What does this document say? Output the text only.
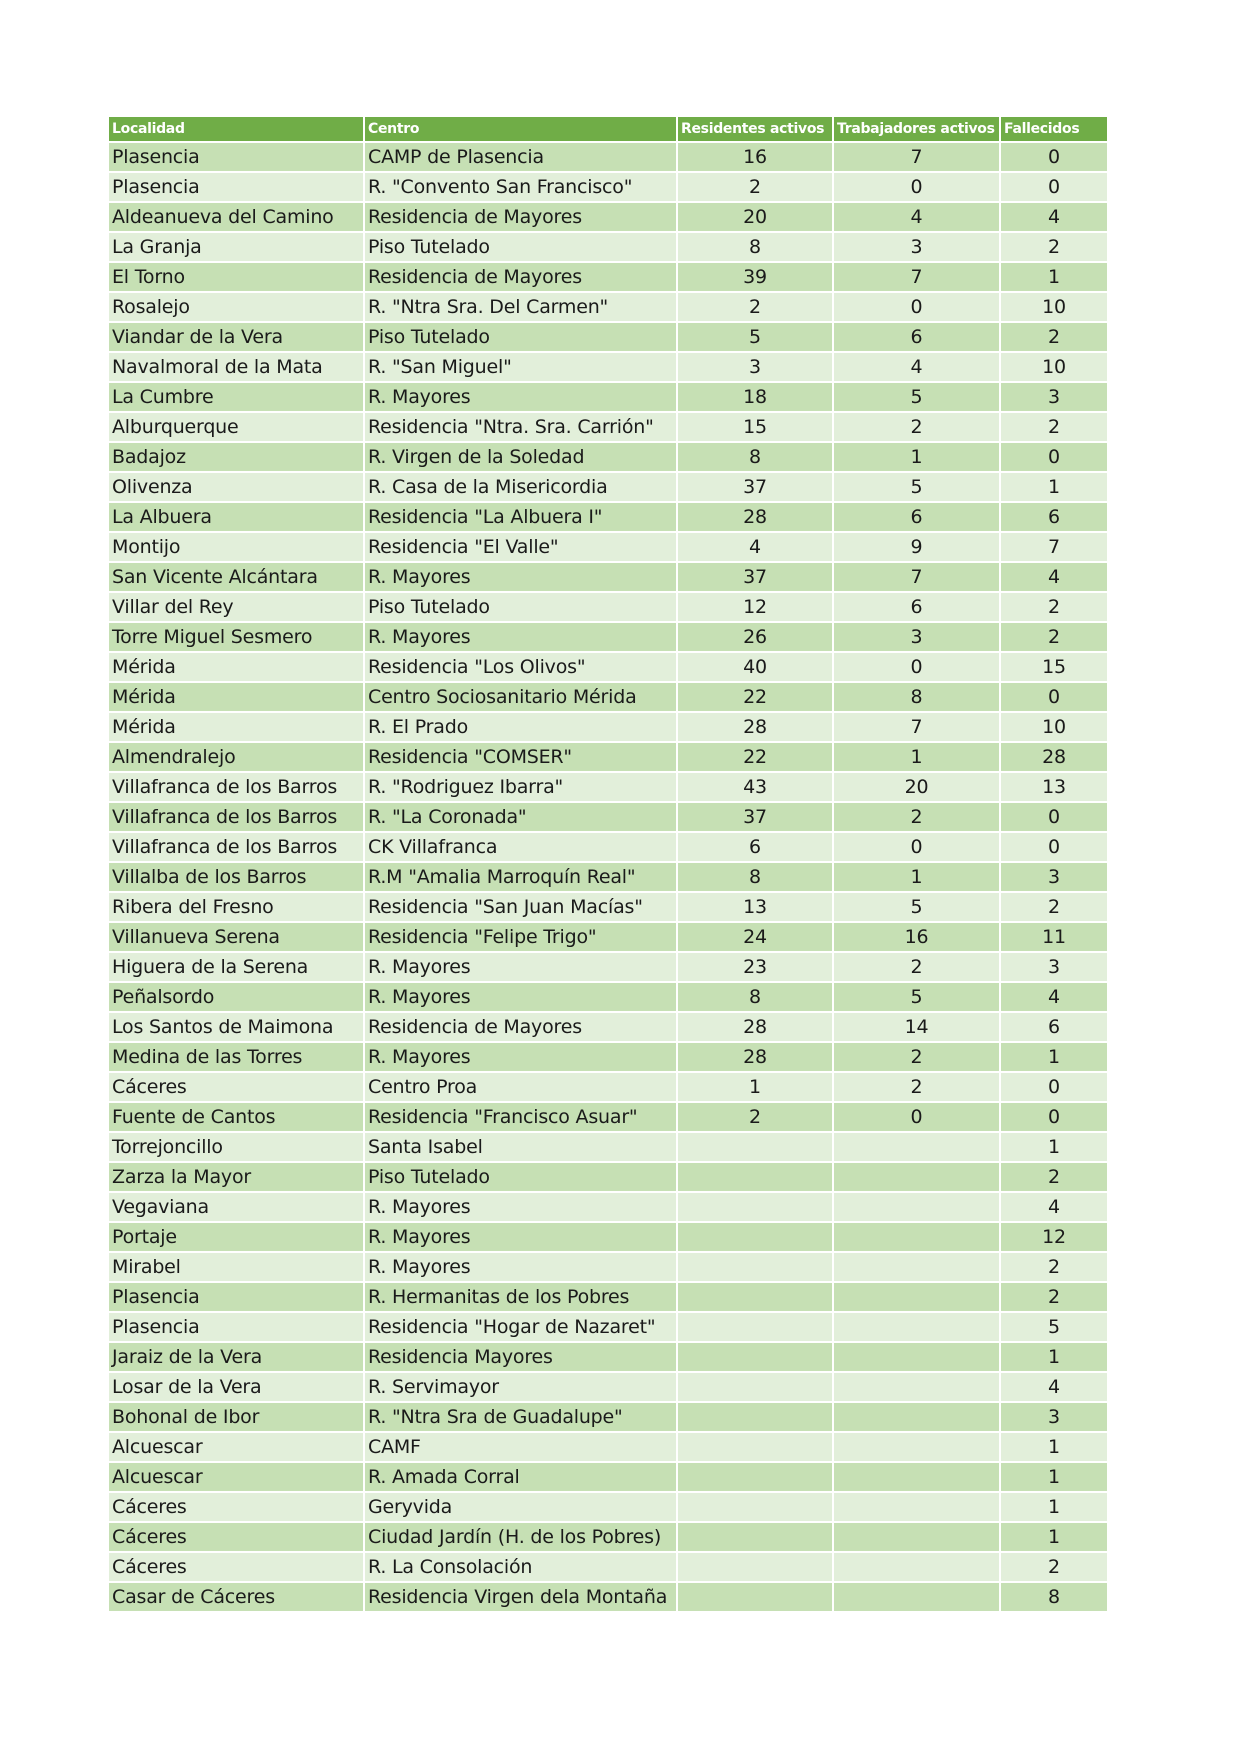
Localidad	Centro	Residentes activos	Trabajadores activos	Fallecidos
Plasencia	CAMP de Plasencia	16	7	0
Plasencia	R. "Convento San Francisco"	2	0	0
Aldeanueva del Camino	Residencia de Mayores	20	4	4
La Granja	Piso Tutelado	8	3	2
El Torno	Residencia de Mayores	39	7	1
Rosalejo	R. "Ntra Sra. Del Carmen"	2	0	10
Viandar de la Vera	Piso Tutelado	5	6	2
Navalmoral de la Mata	R. "San Miguel"	3	4	10
La Cumbre	R. Mayores	18	5	3
Alburquerque	Residencia "Ntra. Sra. Carrión"	15	2	2
Badajoz	R. Virgen de la Soledad	8	1	0
Olivenza	R. Casa de la Misericordia	37	5	1
La Albuera	Residencia "La Albuera I"	28	6	6
Montijo	Residencia "El Valle"	4	9	7
San Vicente Alcántara	R. Mayores	37	7	4
Villar del Rey	Piso Tutelado	12	6	2
Torre Miguel Sesmero	R. Mayores	26	3	2
Mérida	Residencia "Los Olivos"	40	0	15
Mérida	Centro Sociosanitario Mérida	22	8	0
Mérida	R. El Prado	28	7	10
Almendralejo	Residencia "COMSER"	22	1	28
Villafranca de los Barros	R. "Rodriguez Ibarra"	43	20	13
Villafranca de los Barros	R. "La Coronada"	37	2	0
Villafranca de los Barros	CK Villafranca	6	0	0
Villalba de los Barros	R.M "Amalia Marroquín Real"	8	1	3
Ribera del Fresno	Residencia "San Juan Macías"	13	5	2
Villanueva Serena	Residencia "Felipe Trigo"	24	16	11
Higuera de la Serena	R. Mayores	23	2	3
Peñalsordo	R. Mayores	8	5	4
Los Santos de Maimona	Residencia de Mayores	28	14	6
Medina de las Torres	R. Mayores	28	2	1
Cáceres	Centro Proa	1	2	0
Fuente de Cantos	Residencia "Francisco Asuar"	2	0	0
Torrejoncillo	Santa Isabel			1
Zarza la Mayor	Piso Tutelado			2
Vegaviana	R. Mayores			4
Portaje	R. Mayores			12
Mirabel	R. Mayores			2
Plasencia	R. Hermanitas de los Pobres			2
Plasencia	Residencia "Hogar de Nazaret"			5
Jaraiz de la Vera	Residencia Mayores			1
Losar de la Vera	R. Servimayor			4
Bohonal de Ibor	R. "Ntra Sra de Guadalupe"			3
Alcuescar	CAMF			1
Alcuescar	R. Amada Corral			1
Cáceres	Geryvida			1
Cáceres	Ciudad Jardín (H. de los Pobres)			1
Cáceres	R. La Consolación			2
Casar de Cáceres	Residencia Virgen dela Montaña			8
